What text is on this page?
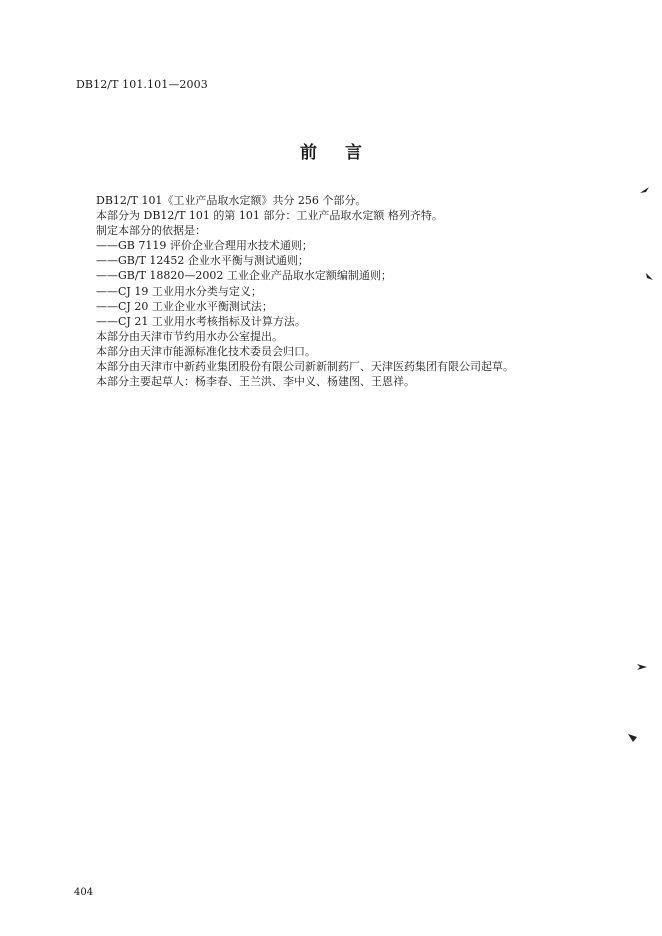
DB12/T 101.101—2003
前言
DB12/T 101《工业产品取水定额》共分 256 个部分。
本部分为 DB12/T 101 的第 101 部分：工业产品取水定额 格列齐特。
制定本部分的依据是：
——GB 7119 评价企业合理用水技术通则；
——GB/T 12452 企业水平衡与测试通则；
——GB/T 18820—2002 工业企业产品取水定额编制通则；
——CJ 19 工业用水分类与定义；
——CJ 20 工业企业水平衡测试法；
——CJ 21 工业用水考核指标及计算方法。
本部分由天津市节约用水办公室提出。
本部分由天津市能源标准化技术委员会归口。
本部分由天津市中新药业集团股份有限公司新新制药厂、天津医药集团有限公司起草。
本部分主要起草人：杨李春、王兰洪、李中义、杨建图、王恩祥。
404
